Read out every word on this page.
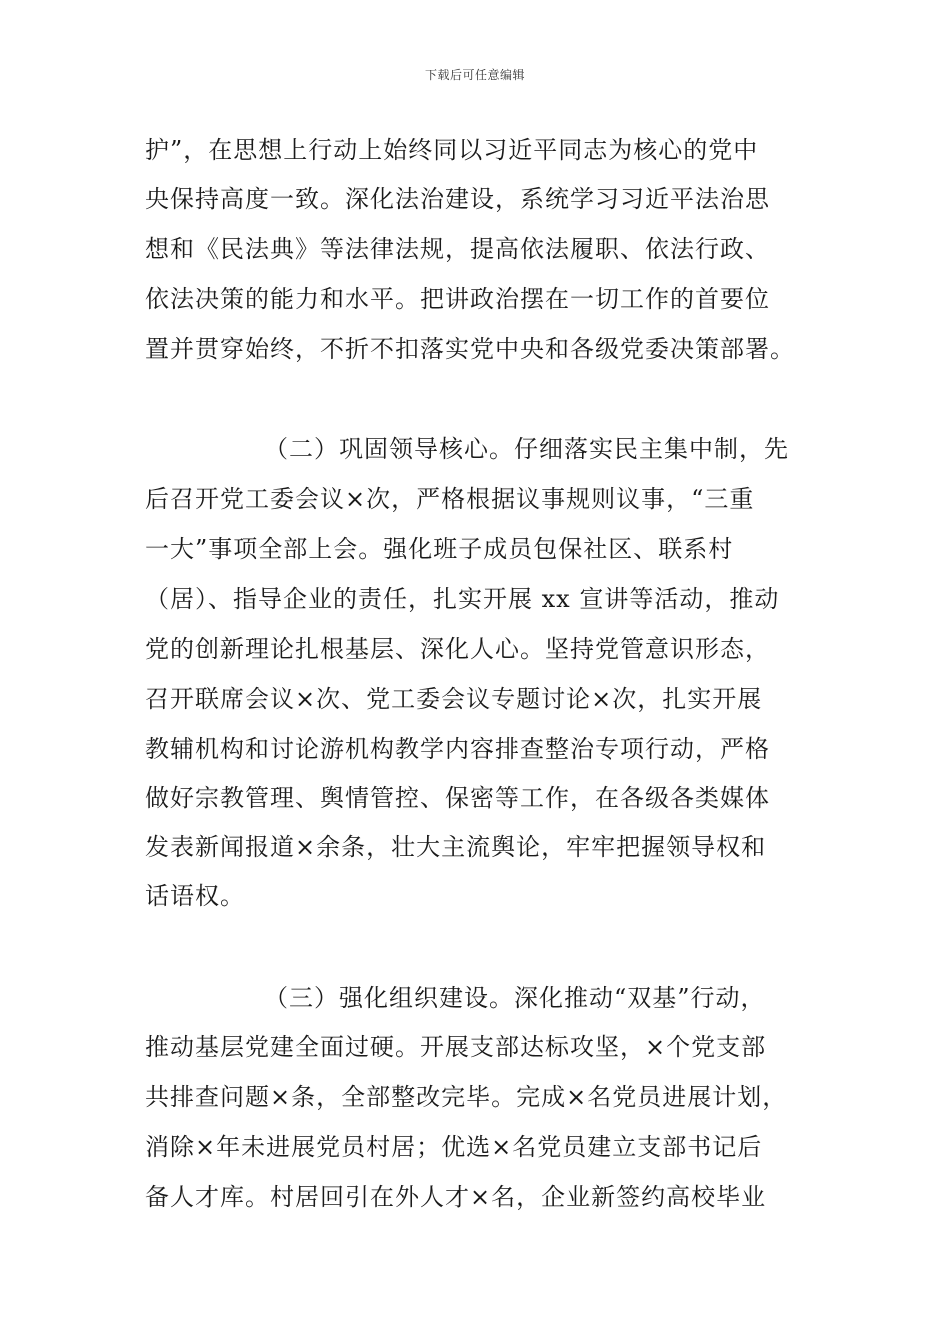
下载后可任意编辑
护”，在思想上行动上始终同以习近平同志为核心的党中
央保持高度一致。深化法治建设，系统学习习近平法治思
想和《民法典》等法律法规，提高依法履职、依法行政、
依法决策的能力和水平。把讲政治摆在一切工作的首要位
置并贯穿始终，不折不扣落实党中央和各级党委决策部署。
（二）巩固领导核心。仔细落实民主集中制，先
后召开党工委会议×次，严格根据议事规则议事，“三重
一大”事项全部上会。强化班子成员包保社区、联系村
（居）、指导企业的责任，扎实开展 xx 宣讲等活动，推动
党的创新理论扎根基层、深化人心。坚持党管意识形态，
召开联席会议×次、党工委会议专题讨论×次，扎实开展
教辅机构和讨论游机构教学内容排查整治专项行动，严格
做好宗教管理、舆情管控、保密等工作，在各级各类媒体
发表新闻报道×余条，壮大主流舆论，牢牢把握领导权和
话语权。
（三）强化组织建设。深化推动“双基”行动，
推动基层党建全面过硬。开展支部达标攻坚，×个党支部
共排查问题×条，全部整改完毕。完成×名党员进展计划，
消除×年未进展党员村居；优选×名党员建立支部书记后
备人才库。村居回引在外人才×名，企业新签约高校毕业
